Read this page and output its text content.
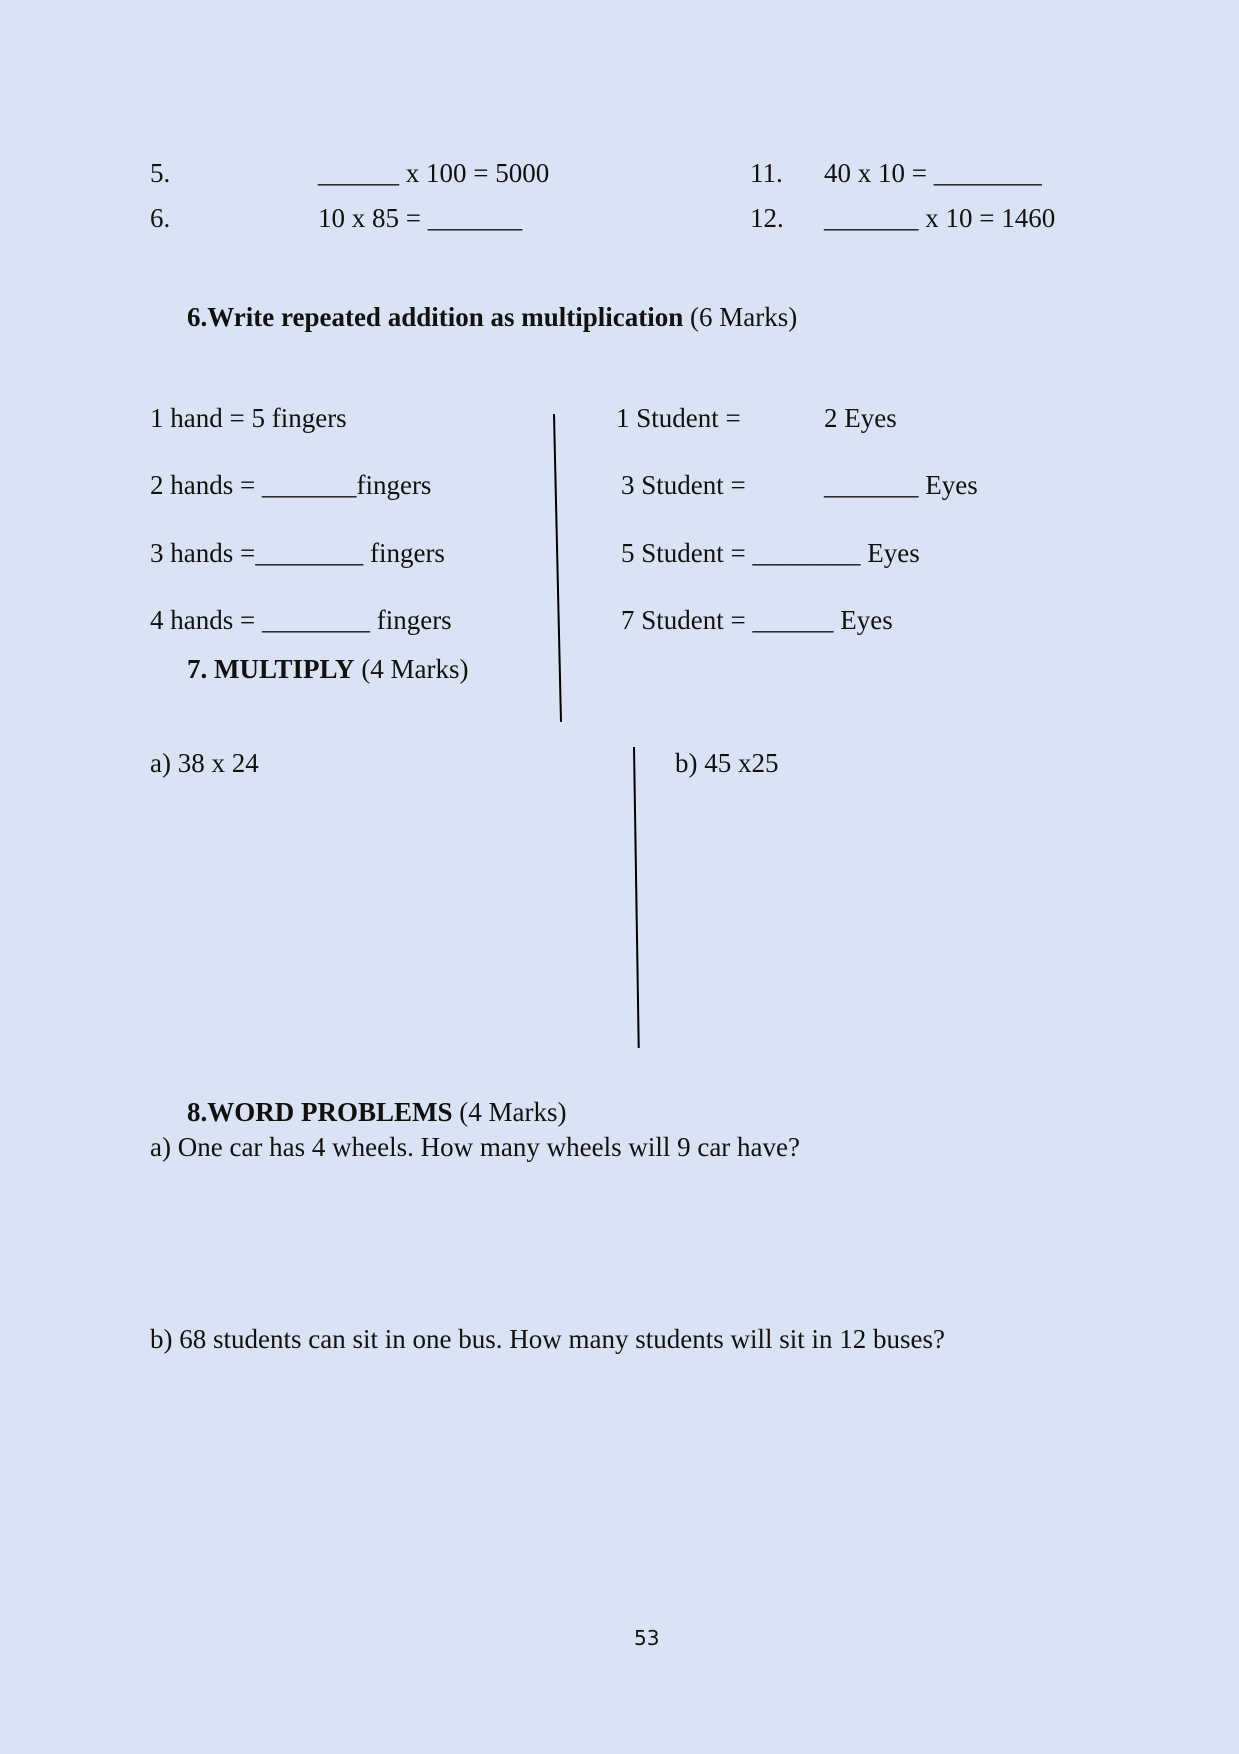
5.	______ x 100 = 5000
6.	10 x 85 = _______
11. 40 x 10 = ________
12. _______ x 10 = 1460
6.Write repeated addition as multiplication (6 Marks)
1 hand = 5 fingers
2 hands = _______fingers
3 hands =________ fingers
4 hands = ________ fingers
1 Student =	2 Eyes
3 Student =	_______ Eyes
5 Student = ________ Eyes
7 Student = ______ Eyes
7. MULTIPLY (4 Marks)
a) 38 x 24	b) 45 x25
8.WORD PROBLEMS (4 Marks)
a) One car has 4 wheels. How many wheels will 9 car have?
b) 68 students can sit in one bus. How many students will sit in 12 buses?
53
